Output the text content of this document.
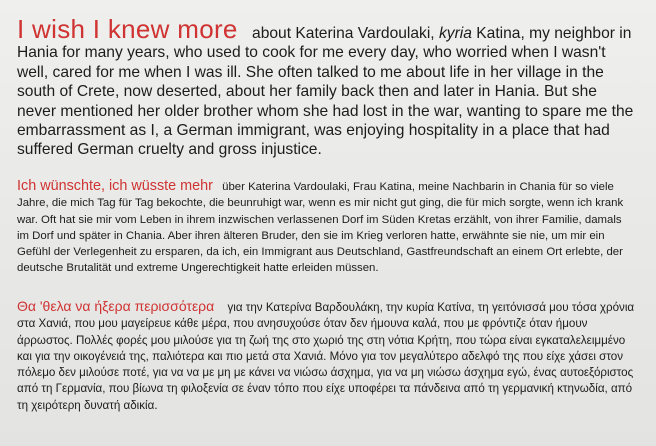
I wish I knew more about Katerina Vardoulaki, kyria Katina, my neighbor in Hania for many years, who used to cook for me every day, who worried when I wasn't well, cared for me when I was ill. She often talked to me about life in her village in the south of Crete, now deserted, about her family back then and later in Hania. But she never mentioned her older brother whom she had lost in the war, wanting to spare me the embarrassment as I, a German immigrant, was enjoying hospitality in a place that had suffered German cruelty and gross injustice.

Ich wünschte, ich wüsste mehr über Katerina Vardoulaki, Frau Katina, meine Nachbarin in Chania für so viele Jahre, die mich Tag für Tag bekochte, die beunruhigt war, wenn es mir nicht gut ging, die für mich sorgte, wenn ich krank war. Oft hat sie mir vom Leben in ihrem inzwischen verlassenen Dorf im Süden Kretas erzählt, von ihrer Familie, damals im Dorf und später in Chania. Aber ihren älteren Bruder, den sie im Krieg verloren hatte, erwähnte sie nie, um mir ein Gefühl der Verlegenheit zu ersparen, da ich, ein Immigrant aus Deutschland, Gastfreundschaft an einem Ort erlebte, der deutsche Brutalität und extreme Ungerechtigkeit hatte erleiden müssen.

Θα 'θελα να ήξερα περισσότερα για την Κατερίνα Βαρδουλάκη, την κυρία Κατίνα, τη γειτόνισσά μου τόσα χρόνια στα Χανιά, που μου μαγείρευε κάθε μέρα, που ανησυχούσε όταν δεν ήμουνα καλά, που με φρόντιζε όταν ήμουν άρρωστος. Πολλές φορές μου μιλούσε για τη ζωή της στο χωριό της στη νότια Κρήτη, που τώρα είναι εγκαταλελειμμένο και για την οικογένειά της, παλιότερα και πιο μετά στα Χανιά. Μόνο για τον μεγαλύτερο αδελφό της που είχε χάσει στον πόλεμο δεν μιλούσε ποτέ, για να να με μη με κάνει να νιώσω άσχημα, για να μη νιώσω άσχημα εγώ, ένας αυτοεξόριστος από τη Γερμανία, που βίωνα τη φιλοξενία σε έναν τόπο που είχε υποφέρει τα πάνδεινα από τη γερμανική κτηνωδία, από τη χειρότερη δυνατή αδικία.
